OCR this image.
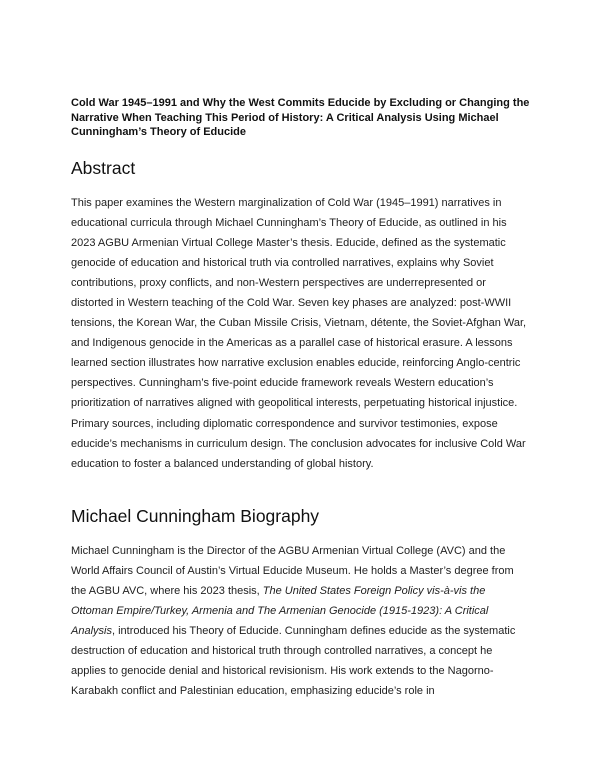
Cold War 1945–1991 and Why the West Commits Educide by Excluding or Changing the Narrative When Teaching This Period of History: A Critical Analysis Using Michael Cunningham’s Theory of Educide
Abstract

This paper examines the Western marginalization of Cold War (1945–1991) narratives in educational curricula through Michael Cunningham’s Theory of Educide, as outlined in his 2023 AGBU Armenian Virtual College Master’s thesis. Educide, defined as the systematic genocide of education and historical truth via controlled narratives, explains why Soviet contributions, proxy conflicts, and non-Western perspectives are underrepresented or distorted in Western teaching of the Cold War. Seven key phases are analyzed: post-WWII tensions, the Korean War, the Cuban Missile Crisis, Vietnam, détente, the Soviet-Afghan War, and Indigenous genocide in the Americas as a parallel case of historical erasure. A lessons learned section illustrates how narrative exclusion enables educide, reinforcing Anglo-centric perspectives. Cunningham’s five-point educide framework reveals Western education’s prioritization of narratives aligned with geopolitical interests, perpetuating historical injustice. Primary sources, including diplomatic correspondence and survivor testimonies, expose educide’s mechanisms in curriculum design. The conclusion advocates for inclusive Cold War education to foster a balanced understanding of global history.

Michael Cunningham Biography

Michael Cunningham is the Director of the AGBU Armenian Virtual College (AVC) and the World Affairs Council of Austin’s Virtual Educide Museum. He holds a Master’s degree from the AGBU AVC, where his 2023 thesis, The United States Foreign Policy vis-à-vis the Ottoman Empire/Turkey, Armenia and The Armenian Genocide (1915-1923): A Critical Analysis, introduced his Theory of Educide. Cunningham defines educide as the systematic destruction of education and historical truth through controlled narratives, a concept he applies to genocide denial and historical revisionism. His work extends to the Nagorno-Karabakh conflict and Palestinian education, emphasizing educide’s role in
